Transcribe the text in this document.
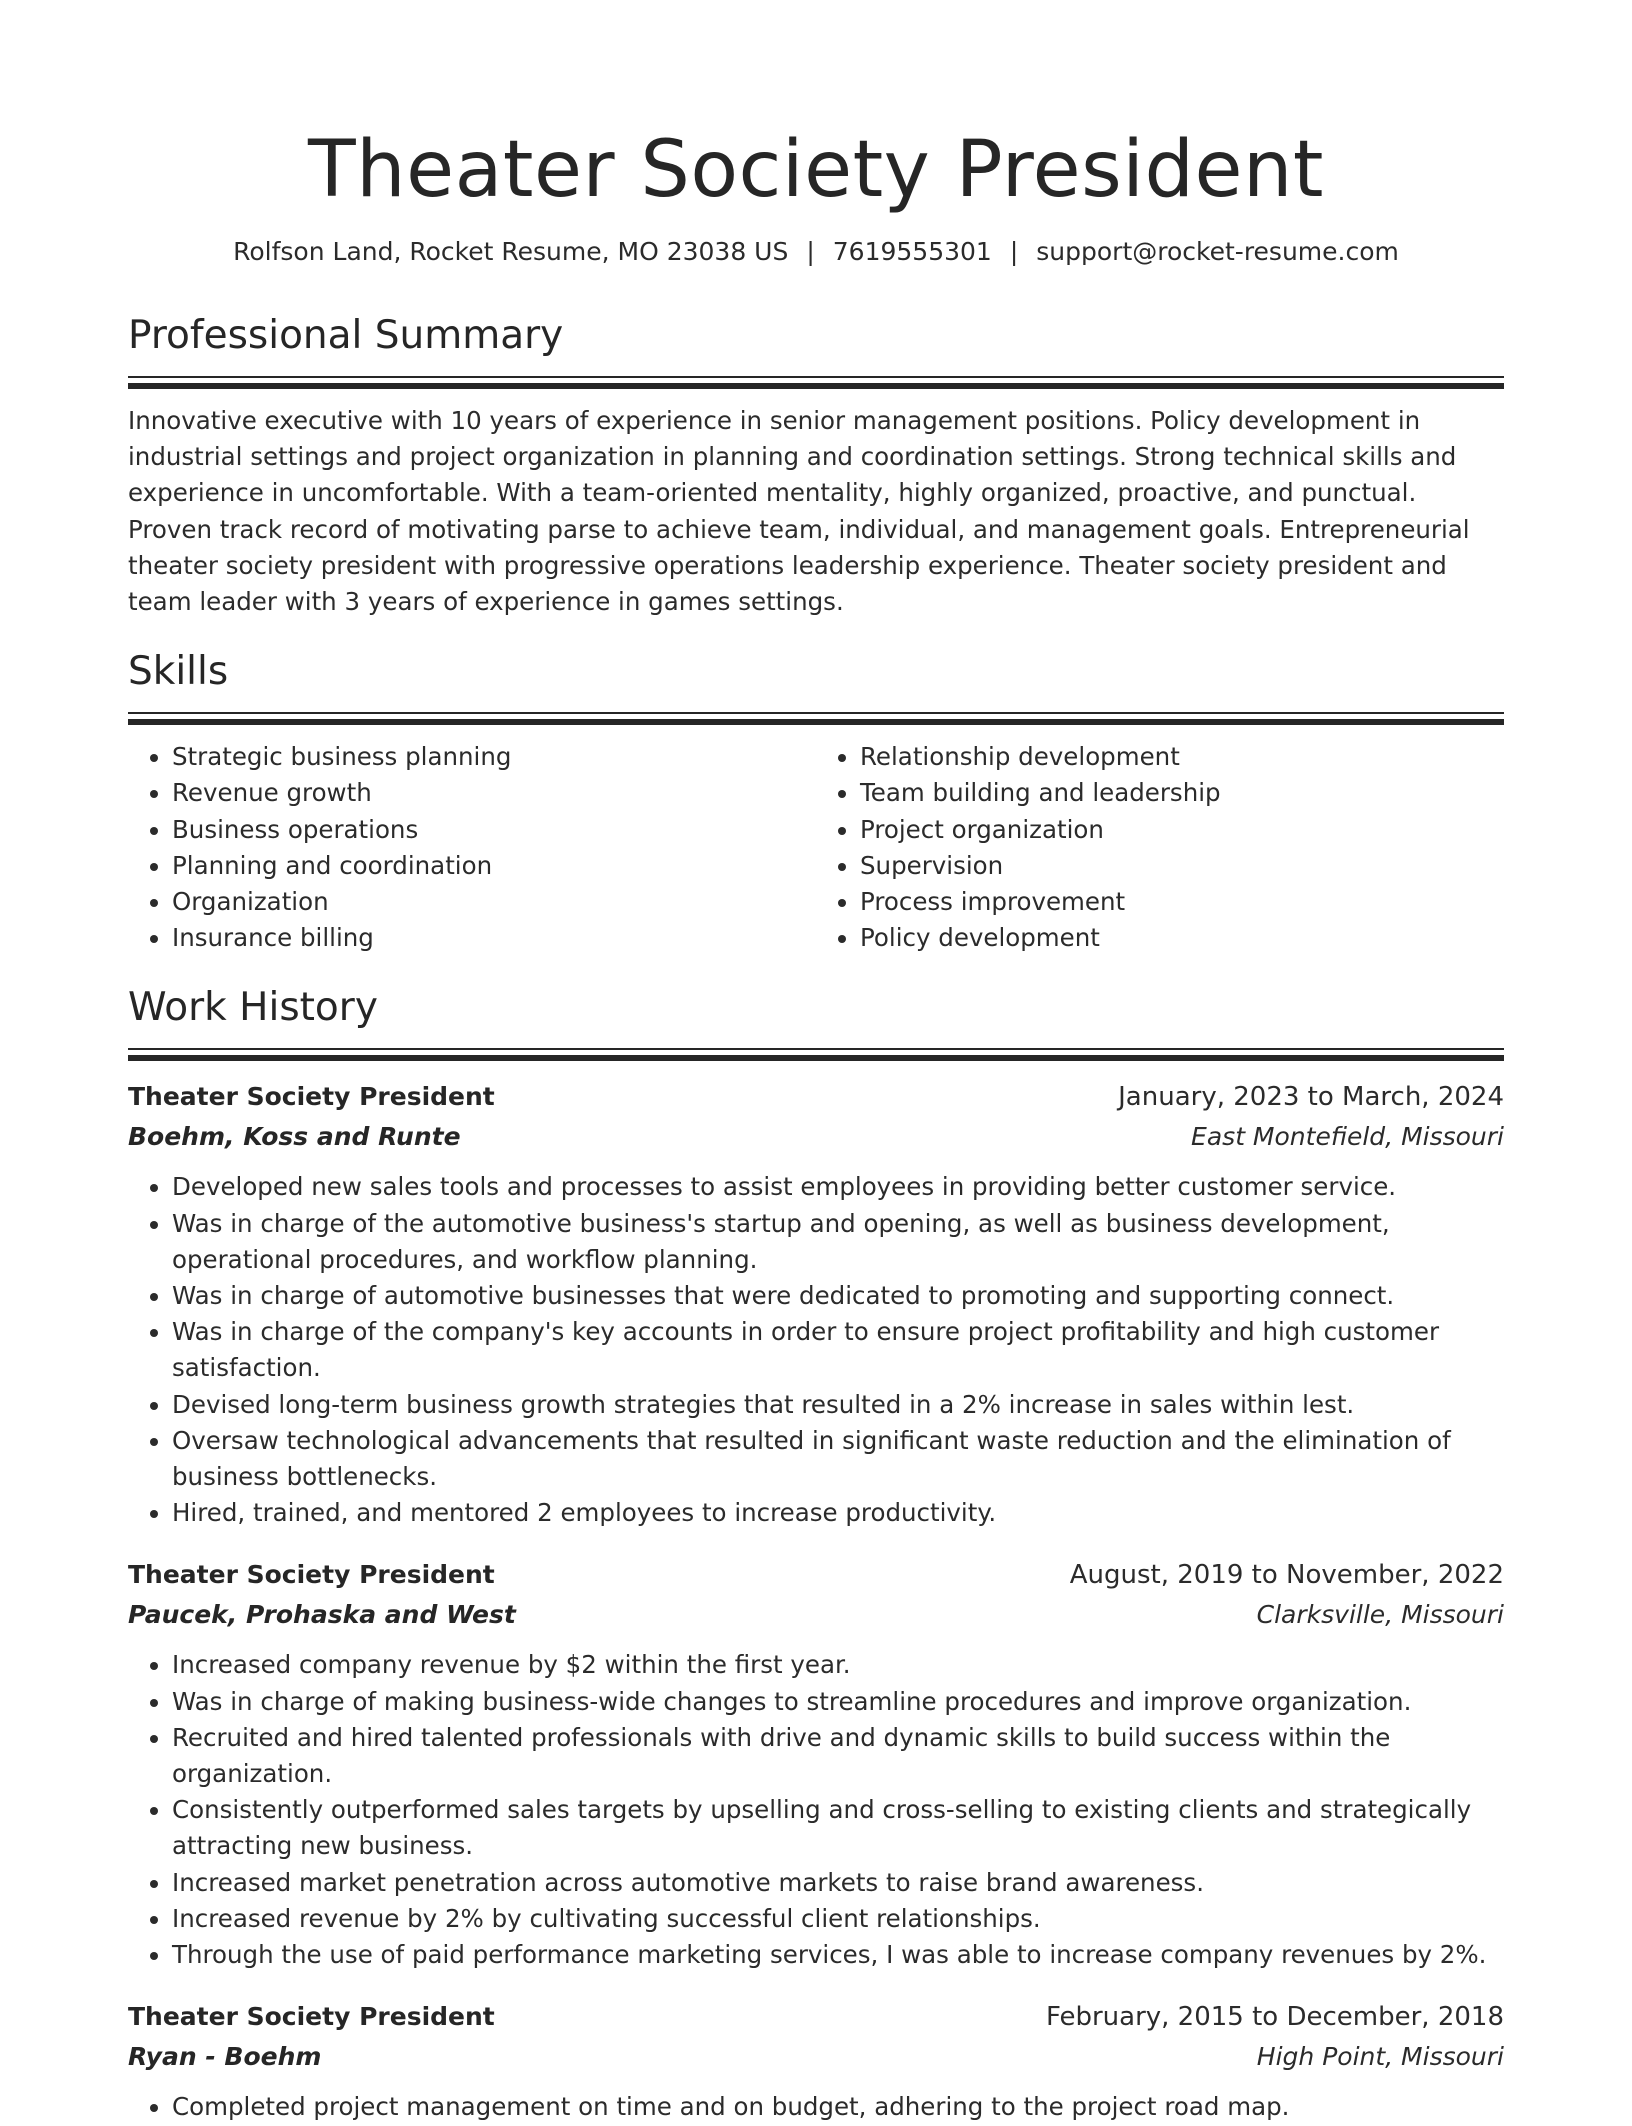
Theater Society President
Rolfson Land, Rocket Resume, MO 23038 US | 7619555301 | support@rocket-resume.com
Professional Summary

Innovative executive with 10 years of experience in senior management positions. Policy development in industrial settings and project organization in planning and coordination settings. Strong technical skills and experience in uncomfortable. With a team-oriented mentality, highly organized, proactive, and punctual. Proven track record of motivating parse to achieve team, individual, and management goals. Entrepreneurial theater society president with progressive operations leadership experience. Theater society president and team leader with 3 years of experience in games settings.

Skills
• Strategic business planning
• Revenue growth
• Business operations
• Planning and coordination
• Organization
• Insurance billing
• Relationship development
• Team building and leadership
• Project organization
• Supervision
• Process improvement
• Policy development
Work History
Theater Society President	January, 2023 to March, 2024
Boehm, Koss and Runte	East Montefield, Missouri
• Developed new sales tools and processes to assist employees in providing better customer service.
• Was in charge of the automotive business's startup and opening, as well as business development, operational procedures, and workflow planning.
• Was in charge of automotive businesses that were dedicated to promoting and supporting connect.
• Was in charge of the company's key accounts in order to ensure project profitability and high customer satisfaction.
• Devised long-term business growth strategies that resulted in a 2% increase in sales within lest.
• Oversaw technological advancements that resulted in significant waste reduction and the elimination of business bottlenecks.
• Hired, trained, and mentored 2 employees to increase productivity.
Theater Society President	August, 2019 to November, 2022
Paucek, Prohaska and West	Clarksville, Missouri
• Increased company revenue by $2 within the first year.
• Was in charge of making business-wide changes to streamline procedures and improve organization.
• Recruited and hired talented professionals with drive and dynamic skills to build success within the organization.
• Consistently outperformed sales targets by upselling and cross-selling to existing clients and strategically attracting new business.
• Increased market penetration across automotive markets to raise brand awareness.
• Increased revenue by 2% by cultivating successful client relationships.
• Through the use of paid performance marketing services, I was able to increase company revenues by 2%.
Theater Society President	February, 2015 to December, 2018
Ryan - Boehm	High Point, Missouri
• Completed project management on time and on budget, adhering to the project road map.
